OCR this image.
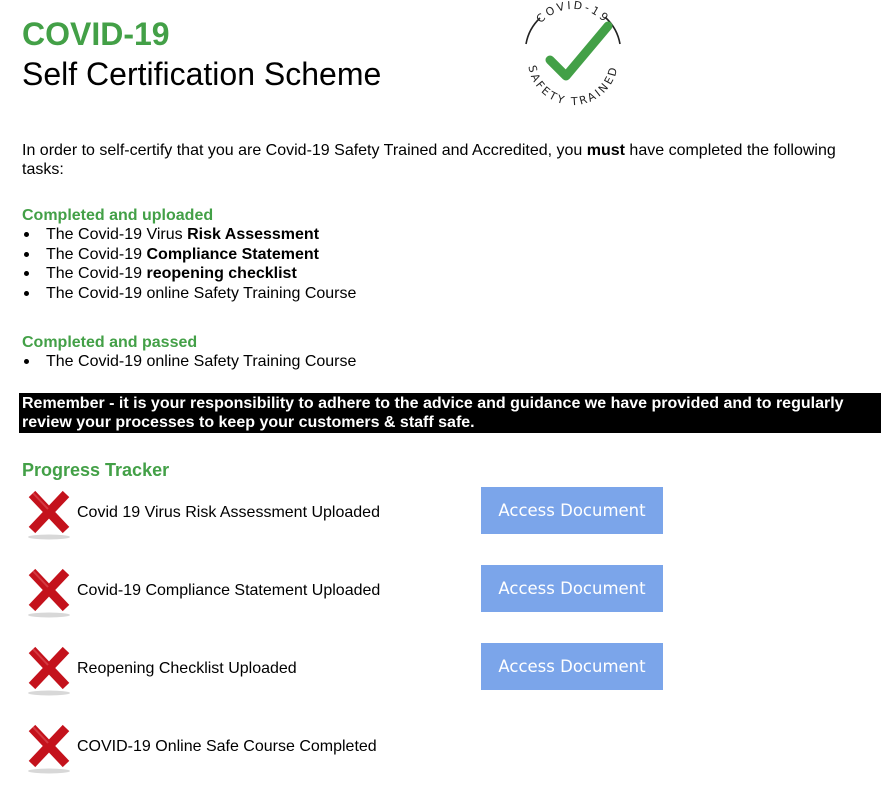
COVID-19
Self Certification Scheme
COVID-19
SAFETY TRAINED
In order to self-certify that you are Covid-19 Safety Trained and Accredited, you must have completed the following tasks:
Completed and uploaded
The Covid-19 Virus Risk Assessment
The Covid-19 Compliance Statement
The Covid-19 reopening checklist
The Covid-19 online Safety Training Course
Completed and passed
The Covid-19 online Safety Training Course
Remember - it is your responsibility to adhere to the advice and guidance we have provided and to regularly review your processes to keep your customers & staff safe.
Progress Tracker
Covid 19 Virus Risk Assessment Uploaded	Access Document
Covid-19 Compliance Statement Uploaded	Access Document
Reopening Checklist Uploaded	Access Document
COVID-19 Online Safe Course Completed
